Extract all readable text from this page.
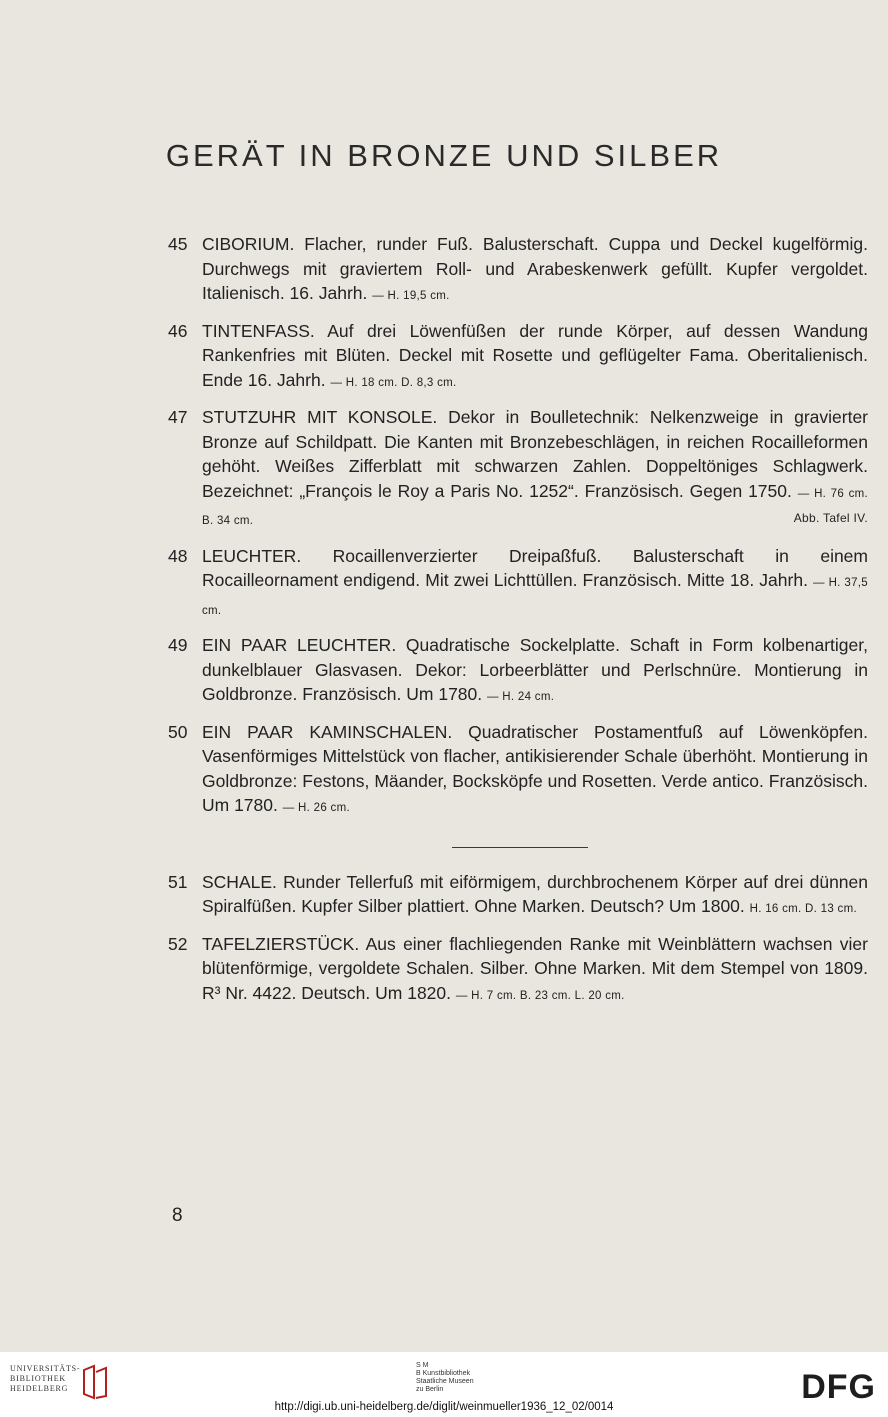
GERÄT IN BRONZE UND SILBER

45 CIBORIUM. Flacher, runder Fuß. Balusterschaft. Cuppa und Deckel kugelförmig. Durchwegs mit graviertem Roll- und Arabeskenwerk gefüllt. Kupfer vergoldet. Italienisch. 16. Jahrh. — H. 19,5 cm.

46 TINTENFASS. Auf drei Löwenfüßen der runde Körper, auf dessen Wandung Rankenfries mit Blüten. Deckel mit Rosette und geflügelter Fama. Oberitalienisch. Ende 16. Jahrh. — H. 18 cm. D. 8,3 cm.

47 STUTZUHR MIT KONSOLE. Dekor in Boulletechnik: Nelkenzweige in gravierter Bronze auf Schildpatt. Die Kanten mit Bronzebeschlägen, in reichen Rocailleformen gehöht. Weißes Zifferblatt mit schwarzen Zahlen. Doppeltöniges Schlagwerk. Bezeichnet: „François le Roy a Paris No. 1252“. Französisch. Gegen 1750. — H. 76 cm. B. 34 cm.	Abb. Tafel IV.

48 LEUCHTER. Rocaillenverzierter Dreipaßfuß. Balusterschaft in einem Rocailleornament endigend. Mit zwei Lichttüllen. Französisch. Mitte 18. Jahrh. — H. 37,5 cm.

49 EIN PAAR LEUCHTER. Quadratische Sockelplatte. Schaft in Form kolbenartiger, dunkelblauer Glasvasen. Dekor: Lorbeerblätter und Perlschnüre. Montierung in Goldbronze. Französisch. Um 1780. — H. 24 cm.

50 EIN PAAR KAMINSCHALEN. Quadratischer Postamentfuß auf Löwenköpfen. Vasenförmiges Mittelstück von flacher, antikisierender Schale überhöht. Montierung in Goldbronze: Festons, Mäander, Bocksköpfe und Rosetten. Verde antico. Französisch. Um 1780. — H. 26 cm.

51 SCHALE. Runder Tellerfuß mit eiförmigem, durchbrochenem Körper auf drei dünnen Spiralfüßen. Kupfer Silber plattiert. Ohne Marken. Deutsch? Um 1800. H. 16 cm. D. 13 cm.

52 TAFELZIERSTÜCK. Aus einer flachliegenden Ranke mit Weinblättern wachsen vier blütenförmige, vergoldete Schalen. Silber. Ohne Marken. Mit dem Stempel von 1809. R³ Nr. 4422. Deutsch. Um 1820. — H. 7 cm. B. 23 cm. L. 20 cm.

8
UNIVERSITÄTS-
BIBLIOTHEK
HEIDELBERG
S M
B Kunstbibliothek
Staatliche Museen
zu Berlin	DFG
http://digi.ub.uni-heidelberg.de/diglit/weinmueller1936_12_02/0014
